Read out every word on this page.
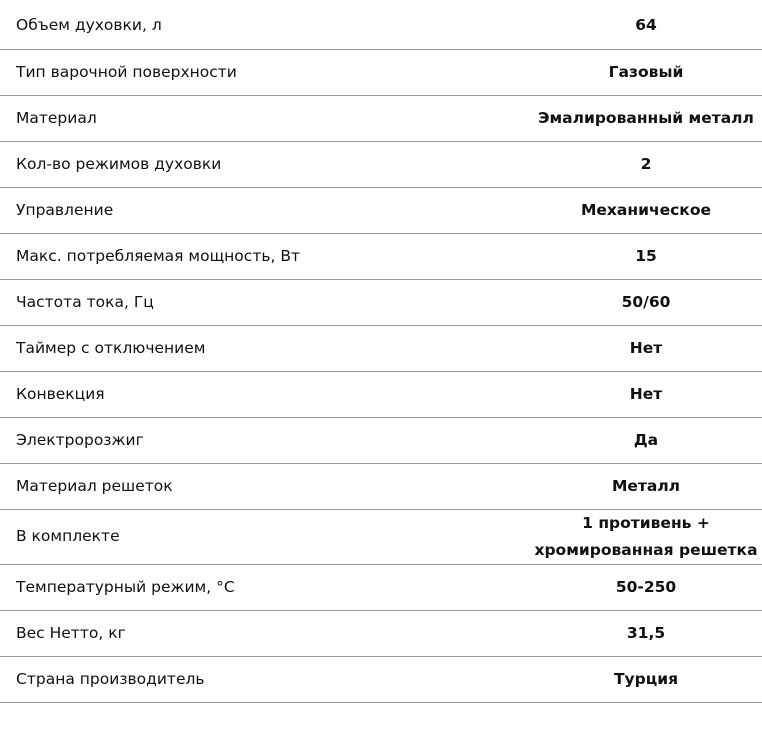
Объем духовки, л	64
Тип варочной поверхности	Газовый
Материал	Эмалированный металл
Кол-во режимов духовки	2
Управление	Механическое
Макс. потребляемая мощность, Вт	15
Частота тока, Гц	50/60
Таймер с отключением	Нет
Конвекция	Нет
Электророзжиг	Да
Материал решеток	Металл
В комплекте	1 противень + хромированная решетка
Температурный режим, °С	50-250
Вес Нетто, кг	31,5
Страна производитель	Турция
